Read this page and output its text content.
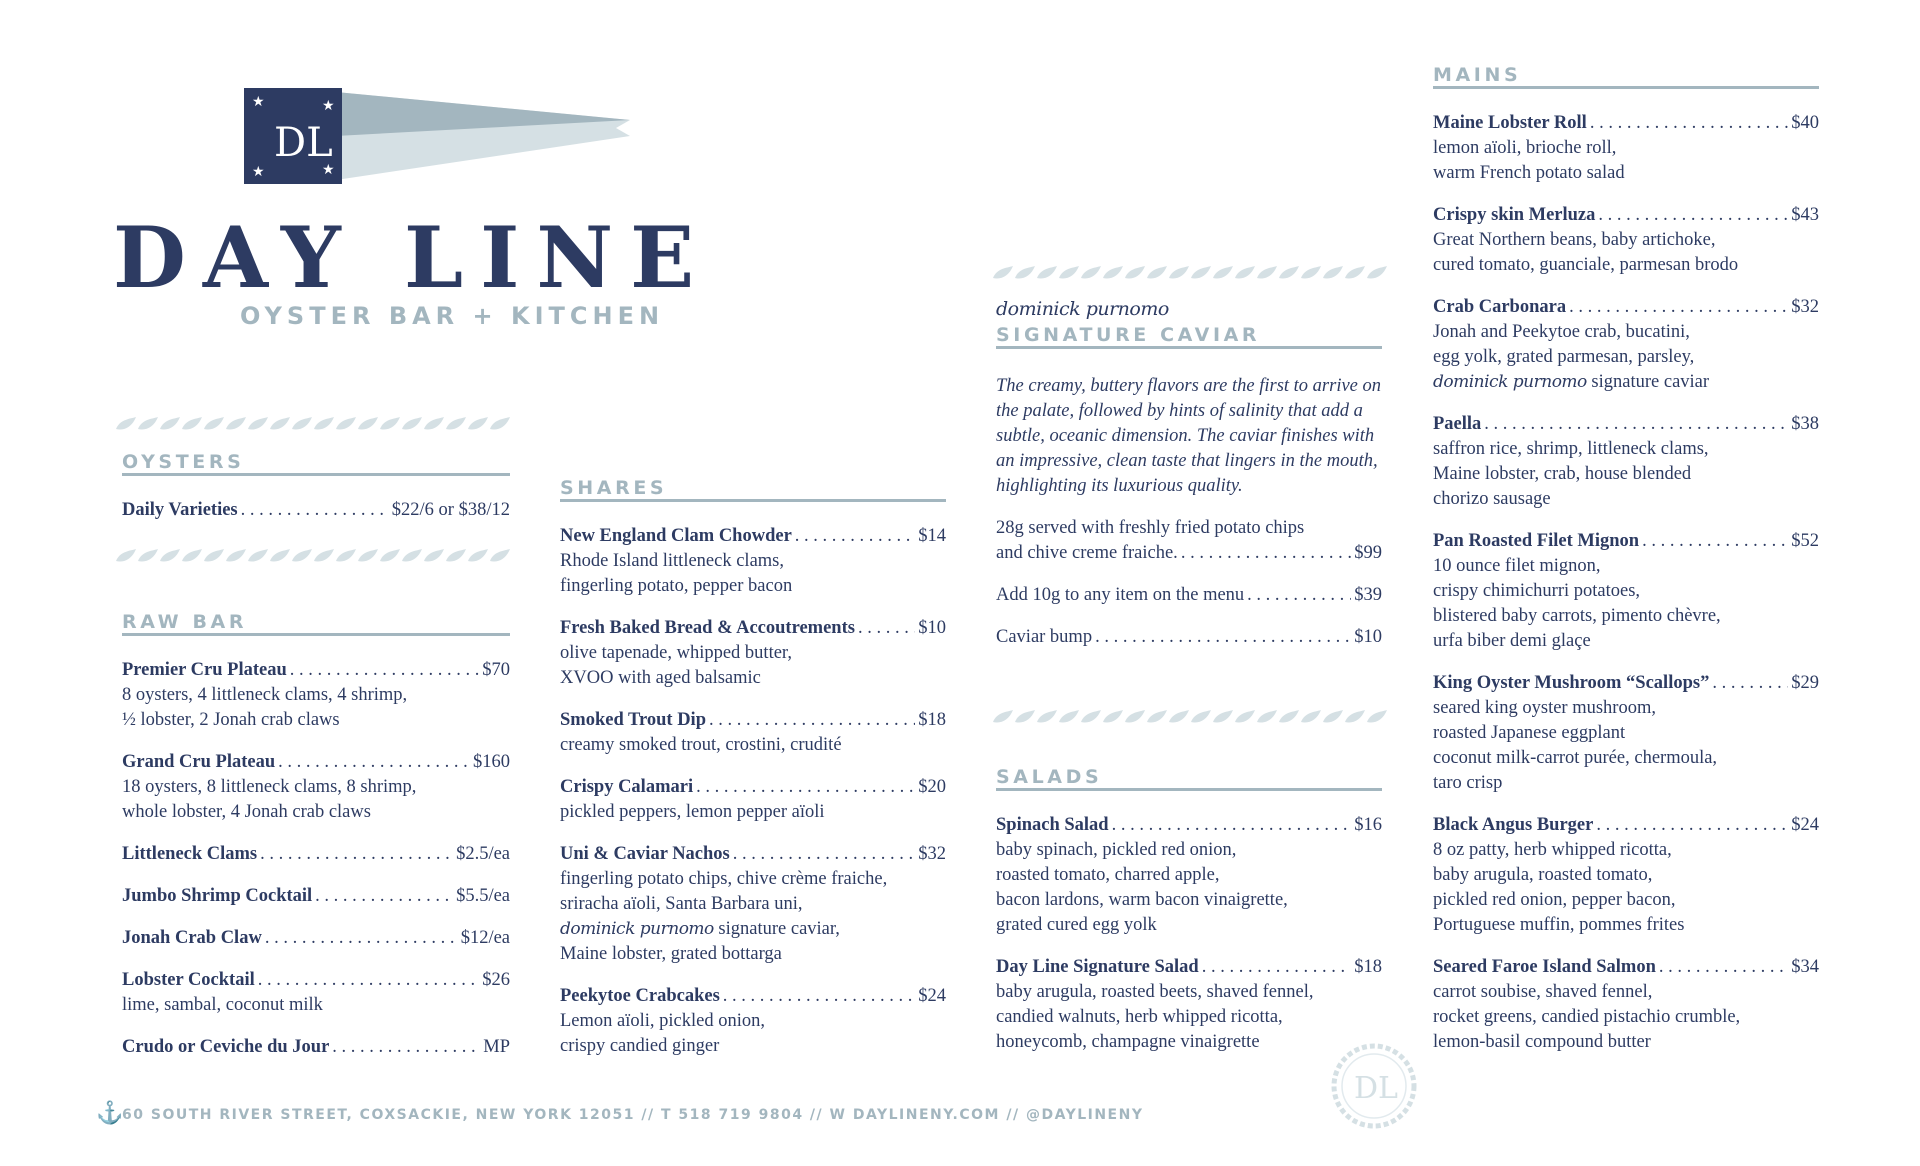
★	★
★	★
DL
DAY LINE

OYSTER BAR + KITCHEN

OYSTERS
Daily Varieties . . .	$22/6 or $38/12
RAW BAR
Premier Cru Plateau . . .	$70
8 oysters, 4 littleneck clams, 4 shrimp,
½ lobster, 2 Jonah crab claws
Grand Cru Plateau . . .	$160
18 oysters, 8 littleneck clams, 8 shrimp,
whole lobster, 4 Jonah crab claws
Littleneck Clams . . .	$2.5/ea
Jumbo Shrimp Cocktail . . .	$5.5/ea
Jonah Crab Claw . . .	$12/ea
Lobster Cocktail . . .	$26
lime, sambal, coconut milk
Crudo or Ceviche du Jour . . .	MP
SHARES
New England Clam Chowder . . .	$14
Rhode Island littleneck clams,
fingerling potato, pepper bacon
Fresh Baked Bread & Accoutrements . . .	$10
olive tapenade, whipped butter,
XVOO with aged balsamic
Smoked Trout Dip . . .	$18
creamy smoked trout, crostini, crudité
Crispy Calamari . . .	$20
pickled peppers, lemon pepper aïoli
Uni & Caviar Nachos . . .	$32
fingerling potato chips, chive crème fraiche,
sriracha aïoli, Santa Barbara uni,
dominick purnomo signature caviar,
Maine lobster, grated bottarga
Peekytoe Crabcakes . . .	$24
Lemon aïoli, pickled onion,
crispy candied ginger
dominick purnomo
SIGNATURE CAVIAR

The creamy, buttery flavors are the first to arrive on the palate, followed by hints of salinity that add a subtle, oceanic dimension. The caviar finishes with an impressive, clean taste that lingers in the mouth, highlighting its luxurious quality.

28g served with freshly fried potato chips
and chive creme fraiche. . . .	$99
Add 10g to any item on the menu . . .	$39
Caviar bump . . .	$10
SALADS
Spinach Salad . . .	$16
baby spinach, pickled red onion,
roasted tomato, charred apple,
bacon lardons, warm bacon vinaigrette,
grated cured egg yolk
Day Line Signature Salad . . .	$18
baby arugula, roasted beets, shaved fennel,
candied walnuts, herb whipped ricotta,
honeycomb, champagne vinaigrette
MAINS
Maine Lobster Roll . . .	$40
lemon aïoli, brioche roll,
warm French potato salad
Crispy skin Merluza . . .	$43
Great Northern beans, baby artichoke,
cured tomato, guanciale, parmesan brodo
Crab Carbonara . . .	$32
Jonah and Peekytoe crab, bucatini,
egg yolk, grated parmesan, parsley,
dominick purnomo signature caviar
Paella . . .	$38
saffron rice, shrimp, littleneck clams,
Maine lobster, crab, house blended
chorizo sausage
Pan Roasted Filet Mignon . . .	$52
10 ounce filet mignon,
crispy chimichurri potatoes,
blistered baby carrots, pimento chèvre,
urfa biber demi glaçe
King Oyster Mushroom “Scallops” . . .	$29
seared king oyster mushroom,
roasted Japanese eggplant
coconut milk-carrot purée, chermoula,
taro crisp
Black Angus Burger . . .	$24
8 oz patty, herb whipped ricotta,
baby arugula, roasted tomato,
pickled red onion, pepper bacon,
Portuguese muffin, pommes frites
Seared Faroe Island Salmon . . .	$34
carrot soubise, shaved fennel,
rocket greens, candied pistachio crumble,
lemon-basil compound butter
⚓

60 SOUTH RIVER STREET, COXSACKIE, NEW YORK 12051 // T 518 719 9804 // W DAYLINENY.COM // @DAYLINENY

DL
